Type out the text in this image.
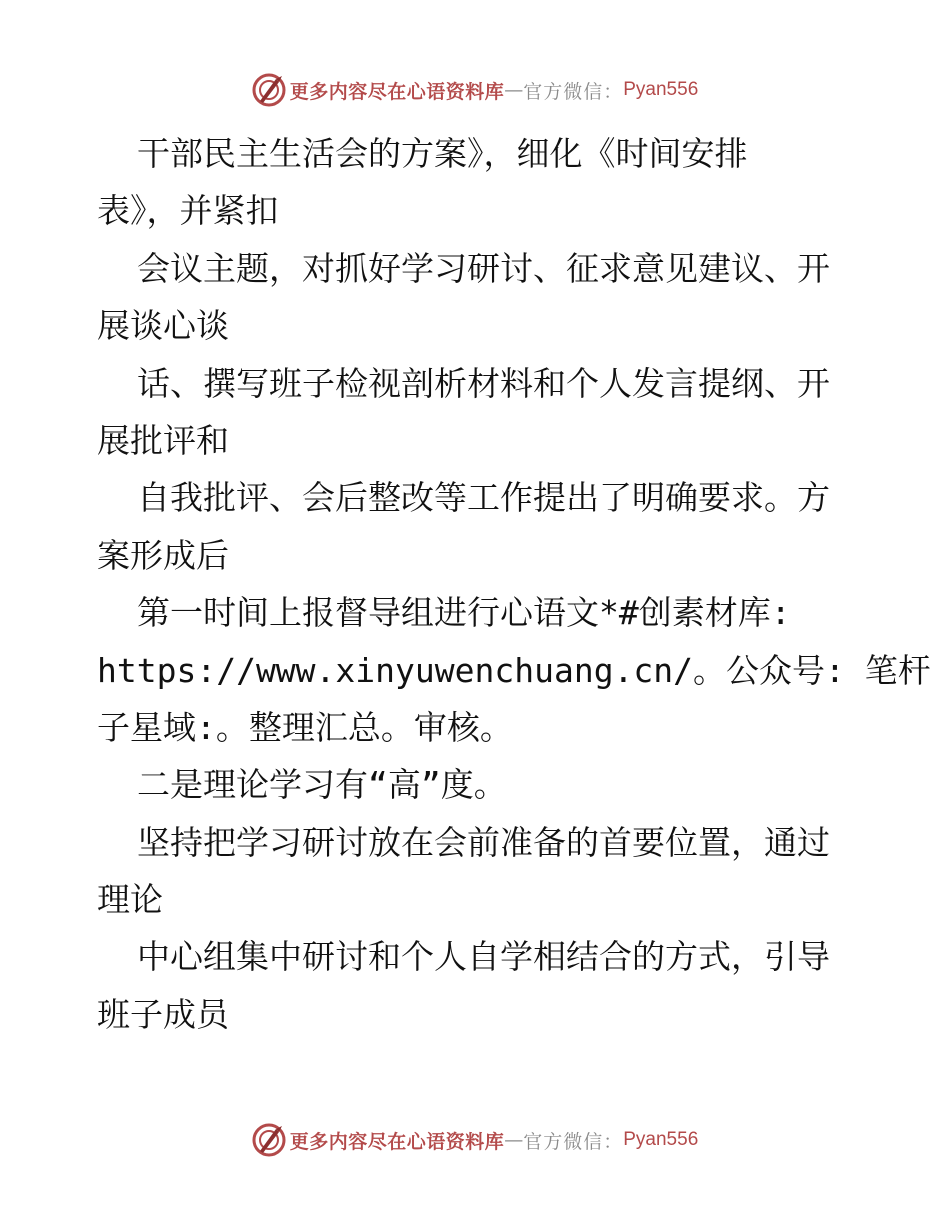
更多内容尽在心语资料库 — 官方微信： Pyan556
干部民主生活会的方案》，细化《时间安排
表》，并紧扣
会议主题，对抓好学习研讨、征求意见建议、开
展谈心谈
话、撰写班子检视剖析材料和个人发言提纲、开
展批评和
自我批评、会后整改等工作提出了明确要求。方
案形成后
第一时间上报督导组进行心语文*#创素材库:
https://www.xinyuwenchuang.cn/。公众号: 笔杆
子星域:。整理汇总。审核。
二是理论学习有“高”度。
坚持把学习研讨放在会前准备的首要位置，通过
理论
中心组集中研讨和个人自学相结合的方式，引导
班子成员
更多内容尽在心语资料库 — 官方微信： Pyan556
